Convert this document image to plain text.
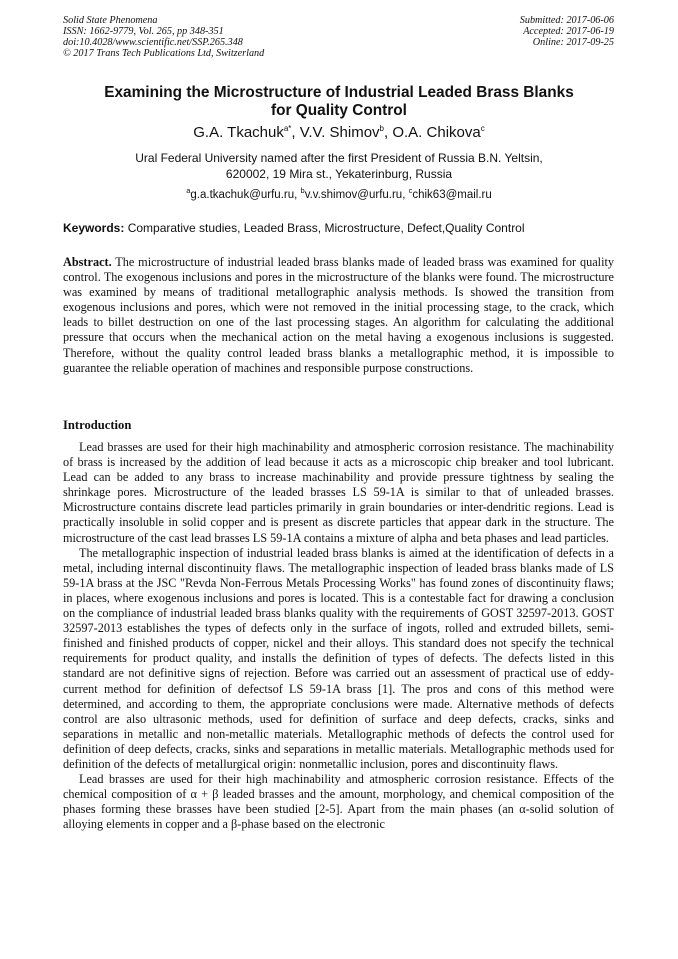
Solid State Phenomena
ISSN: 1662-9779, Vol. 265, pp 348-351
doi:10.4028/www.scientific.net/SSP.265.348
© 2017 Trans Tech Publications Ltd, Switzerland
Submitted: 2017-06-06
Accepted: 2017-06-19
Online: 2017-09-25
Examining the Microstructure of Industrial Leaded Brass Blanks
for Quality Control
G.A. Tkachuk$^{a*}$, V.V. Shimov$^b$, O.A. Chikova$^c$
Ural Federal University named after the first President of Russia B.N. Yeltsin,
620002, 19 Mira st., Yekaterinburg, Russia
$^a$g.a.tkachuk@urfu.ru, $^b$v.v.shimov@urfu.ru, $^c$chik63@mail.ru
Keywords: Comparative studies, Leaded Brass, Microstructure, Defect,Quality Control

Abstract. The microstructure of industrial leaded brass blanks made of leaded brass was examined for quality control. The exogenous inclusions and pores in the microstructure of the blanks were found. The microstructure was examined by means of traditional metallographic analysis methods. Is showed the transition from exogenous inclusions and pores, which were not removed in the initial processing stage, to the crack, which leads to billet destruction on one of the last processing stages. An algorithm for calculating the additional pressure that occurs when the mechanical action on the metal having a exogenous inclusions is suggested. Therefore, without the quality control leaded brass blanks a metallographic method, it is impossible to guarantee the reliable operation of machines and responsible purpose constructions.

Introduction

Lead brasses are used for their high machinability and atmospheric corrosion resistance. The machinability of brass is increased by the addition of lead because it acts as a microscopic chip breaker and tool lubricant. Lead can be added to any brass to increase machinability and provide pressure tightness by sealing the shrinkage pores. Microstructure of the leaded brasses LS 59-1A is similar to that of unleaded brasses. Microstructure contains discrete lead particles primarily in grain boundaries or inter-dendritic regions. Lead is practically insoluble in solid copper and is present as discrete particles that appear dark in the structure. The microstructure of the cast lead brasses LS 59-1A contains a mixture of alpha and beta phases and lead particles.

The metallographic inspection of industrial leaded brass blanks is aimed at the identification of defects in a metal, including internal discontinuity flaws. The metallographic inspection of leaded brass blanks made of LS 59-1A brass at the JSC "Revda Non-Ferrous Metals Processing Works" has found zones of discontinuity flaws; in places, where exogenous inclusions and pores is located. This is a contestable fact for drawing a conclusion on the compliance of industrial leaded brass blanks quality with the requirements of GOST 32597-2013. GOST 32597-2013 establishes the types of defects only in the surface of ingots, rolled and extruded billets, semi-finished and finished products of copper, nickel and their alloys. This standard does not specify the technical requirements for product quality, and installs the definition of types of defects. The defects listed in this standard are not definitive signs of rejection. Before was carried out an assessment of practical use of eddy-current method for definition of defectsof LS 59-1A brass [1]. The pros and cons of this method were determined, and according to them, the appropriate conclusions were made. Alternative methods of defects control are also ultrasonic methods, used for definition of surface and deep defects, cracks, sinks and separations in metallic and non-metallic materials. Metallographic methods of defects the control used for definition of deep defects, cracks, sinks and separations in metallic materials. Metallographic methods used for definition of the defects of metallurgical origin: nonmetallic inclusion, pores and discontinuity flaws.

Lead brasses are used for their high machinability and atmospheric corrosion resistance. Effects of the chemical composition of α + β leaded brasses and the amount, morphology, and chemical composition of the phases forming these brasses have been studied [2-5]. Apart from the main phases (an α-solid solution of alloying elements in copper and a β-phase based on the electronic
